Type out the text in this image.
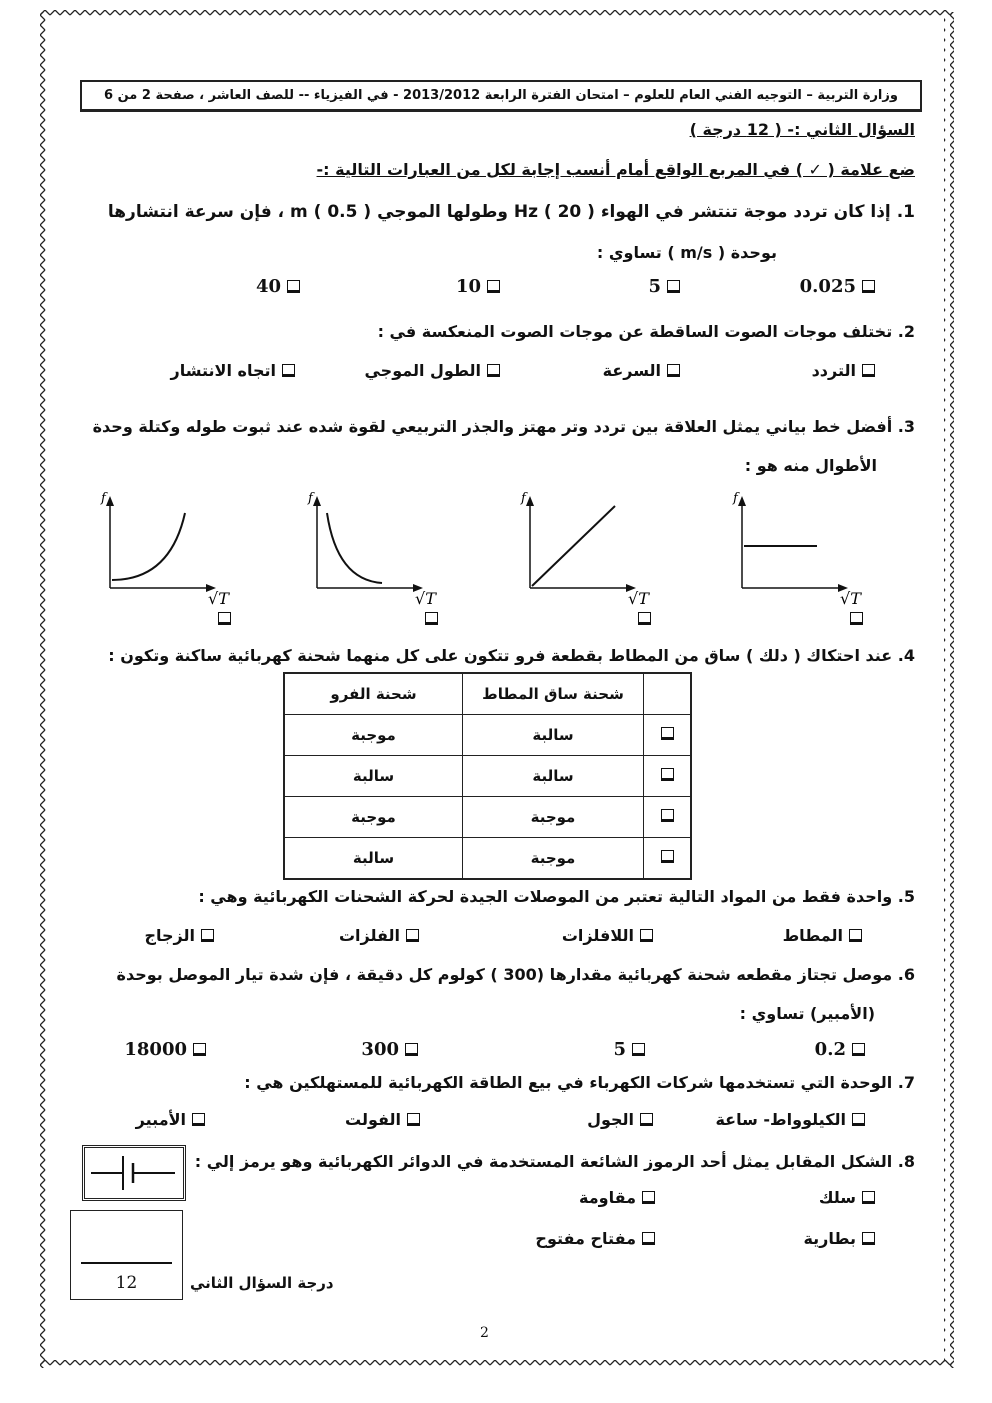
وزارة التربية – التوجيه الفني العام للعلوم – امتحان الفترة الرابعة 2013/2012 - في الفيزياء -- للصف العاشر ، صفحة 2 من 6
السؤال الثاني :- ( 12 درجة )
ضع علامة ( ✓ ) في المربع الواقع أمام أنسب إجابة لكل من العبارات التالية :-
1. إذا كان تردد موجة تنتشر في الهواء Hz ( 20 ) وطولها الموجي m ( 0.5 ) ، فإن سرعة انتشارها
بوحدة ( m/s ) تساوي :
0.025
5
10
40
2. تختلف موجات الصوت الساقطة عن موجات الصوت المنعكسة في :
التردد
السرعة
الطول الموجي
اتجاه الانتشار
3. أفضل خط بياني يمثل العلاقة بين تردد وتر مهتز والجذر التربيعي لقوة شده عند ثبوت طوله وكتلة وحدة
الأطوال منه هو :
f
√T
f
√T
f
√T
f
√T
4. عند احتكاك ( دلك ) ساق من المطاط بقطعة فرو تتكون على كل منهما شحنة كهربائية ساكنة وتكون :
	شحنة ساق المطاط	شحنة الفرو
	سالبة	موجبة
	سالبة	سالبة
	موجبة	موجبة
	موجبة	سالبة
5. واحدة فقط من المواد التالية تعتبر من الموصلات الجيدة لحركة الشحنات الكهربائية وهي :
المطاط
اللافلزات
الفلزات
الزجاج
6. موصل تجتاز مقطعه شحنة كهربائية مقدارها (300 ) كولوم كل دقيقة ، فإن شدة تيار الموصل بوحدة
(الأمبير) تساوي :
0.2
5
300
18000
7. الوحدة التي تستخدمها شركات الكهرباء في بيع الطاقة الكهربائية للمستهلكين هي :
الكيلوواط- ساعة
الجول
الفولت
الأمبير
8. الشكل المقابل يمثل أحد الرموز الشائعة المستخدمة في الدوائر الكهربائية وهو يرمز إلي :
سلك
مقاومة
بطارية
مفتاح مفتوح
12	درجة السؤال الثاني
2
